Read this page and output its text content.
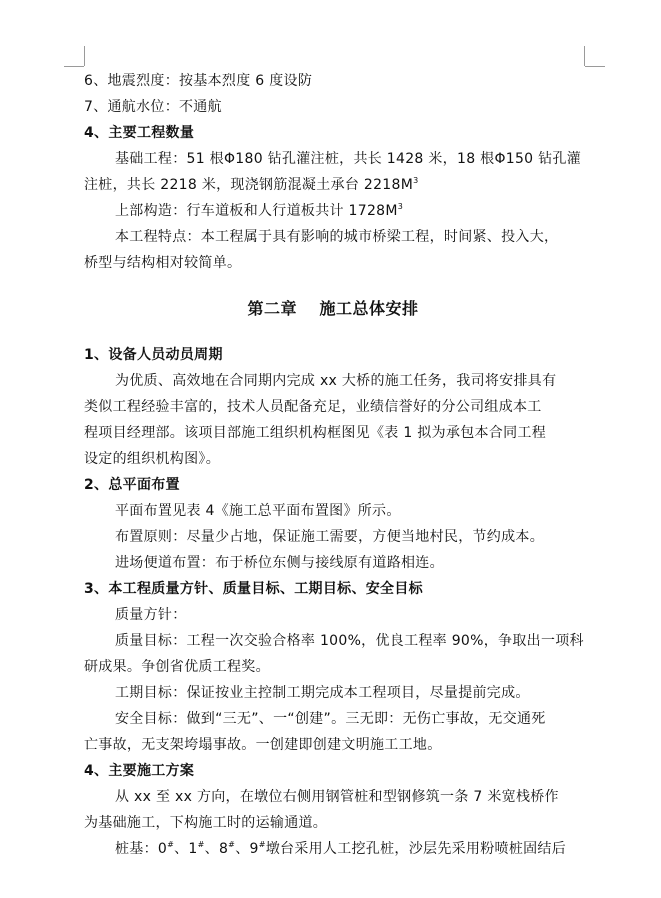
6、地震烈度：按基本烈度 6 度设防
7、通航水位：不通航
4、主要工程数量
基础工程：51 根Φ180 钻孔灌注桩，共长 1428 米，18 根Φ150 钻孔灌
注桩，共长 2218 米，现浇钢筋混凝土承台 $2218M^3$
上部构造：行车道板和人行道板共计 $1728M^3$
本工程特点：本工程属于具有影响的城市桥梁工程，时间紧、投入大，
桥型与结构相对较简单。
第二章　 施工总体安排
1、设备人员动员周期
为优质、高效地在合同期内完成 xx 大桥的施工任务，我司将安排具有
类似工程经验丰富的，技术人员配备充足，业绩信誉好的分公司组成本工
程项目经理部。该项目部施工组织机构框图见《表 1 拟为承包本合同工程
设定的组织机构图》。
2、总平面布置
平面布置见表 4《施工总平面布置图》所示。
布置原则：尽量少占地，保证施工需要，方便当地村民，节约成本。
进场便道布置：布于桥位东侧与接线原有道路相连。
3、本工程质量方针、质量目标、工期目标、安全目标
质量方针：
质量目标：工程一次交验合格率 100%，优良工程率 90%，争取出一项科
研成果。争创省优质工程奖。
工期目标：保证按业主控制工期完成本工程项目，尽量提前完成。
安全目标：做到“三无”、一“创建”。三无即：无伤亡事故，无交通死
亡事故，无支架垮塌事故。一创建即创建文明施工工地。
4、主要施工方案
从 xx 至 xx 方向，在墩位右侧用钢管桩和型钢修筑一条 7 米宽栈桥作
为基础施工，下构施工时的运输通道。
桩基：0#、1#、8#、9#墩台采用人工挖孔桩，沙层先采用粉喷桩固结后
